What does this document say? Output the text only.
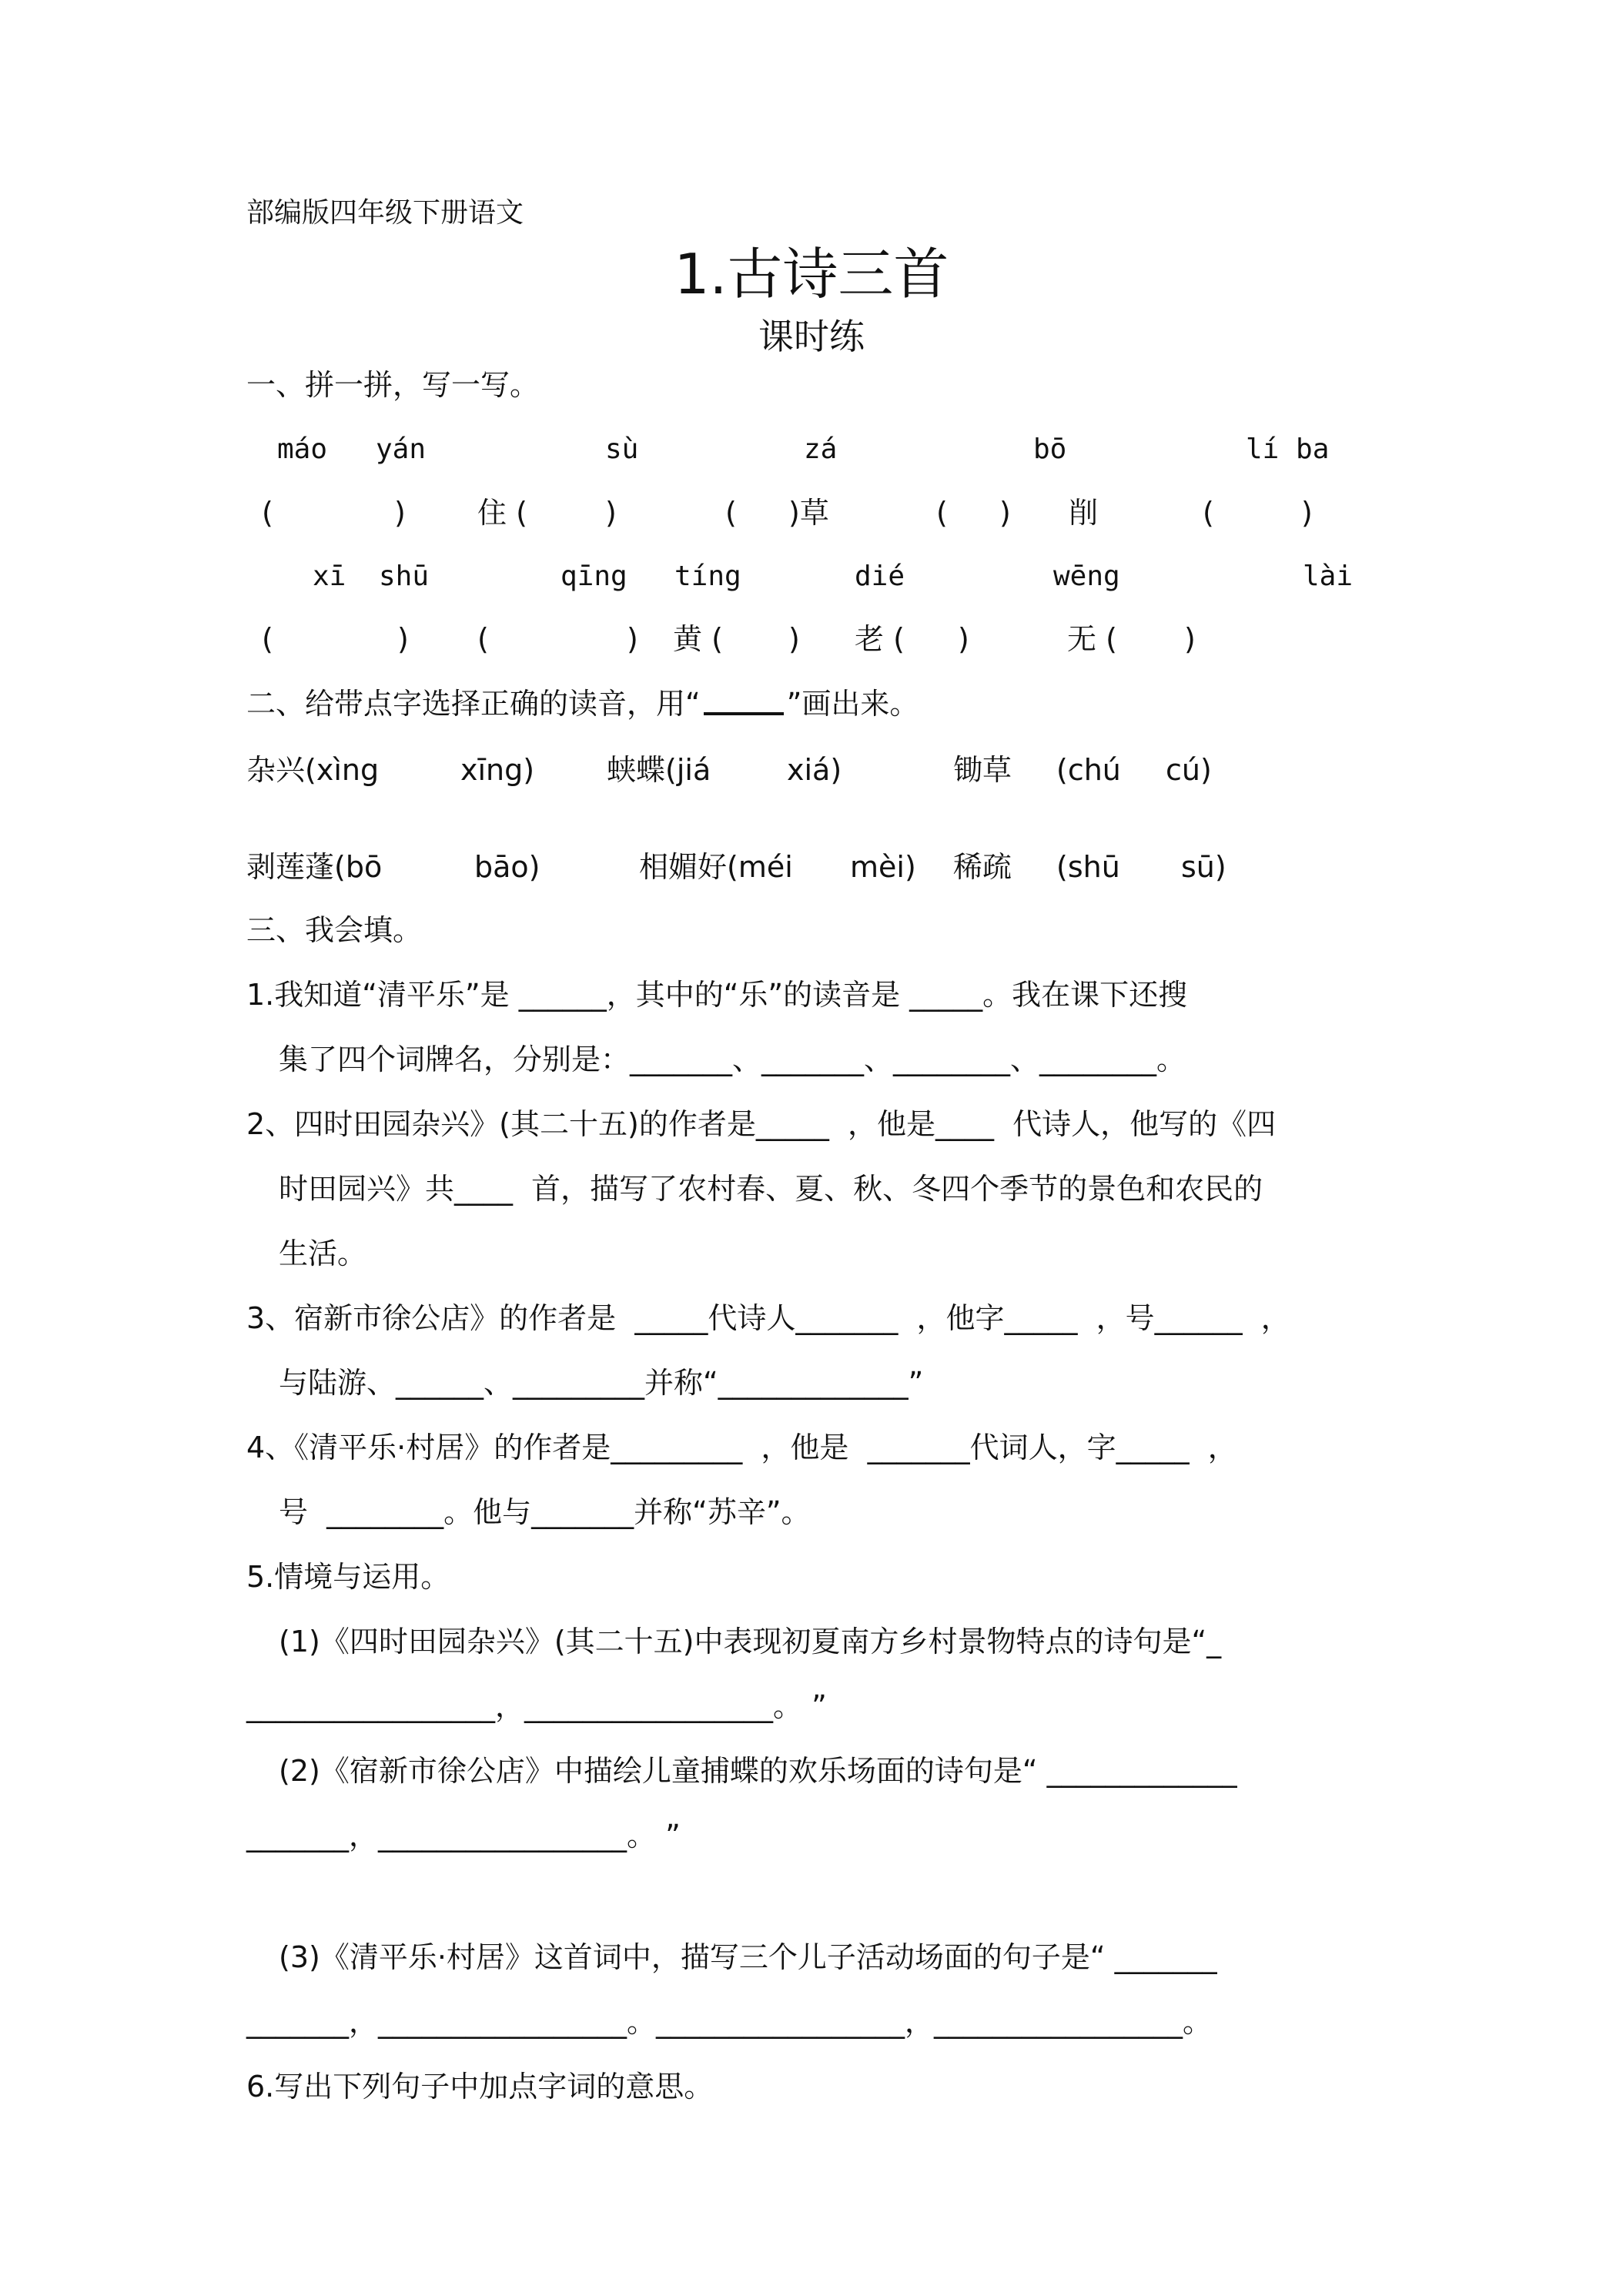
部编版四年级下册语文
1.古诗三首
课时练
一、拼一拼，写一写。
máo yán	sù	zá	bō	lí ba
(	) 住 (	)	( )草	( ) 削	(	)
xī shū	qīng tíng	dié	wēng	lài
(	) (	) 黄 ( ) 老 ( )	无 ( )
二、给带点字选择正确的读音，用“	”画出来。
杂兴(xìng	xīng) 蛱蝶(jiá	xiá)	锄草 (chú cú)
剥莲蓬(bō	bāo)	相媚好(méi mèi) 稀疏 (shū sū)
三、我会填。
1.我知道“清平乐”是 ______，其中的“乐”的读音是 _____。我在课下还搜
集了四个词牌名，分别是：_______、_______、________、________。
2、四时田园杂兴》(其二十五)的作者是_____  ，他是____  代诗人，他写的《四
时田园兴》共____  首，描写了农村春、夏、秋、冬四个季节的景色和农民的
生活。
3、宿新市徐公店》的作者是  _____代诗人_______  ，他字_____  ，号______  ，
与陆游、______、_________并称“_____________”
4、《清平乐·村居》的作者是_________  ，他是  _______代词人，字_____  ，
号  ________。他与_______并称“苏辛”。
5.情境与运用。
(1)《四时田园杂兴》(其二十五)中表现初夏南方乡村景物特点的诗句是“_
_________________，_________________。 ”
(2)《宿新市徐公店》中描绘儿童捕蝶的欢乐场面的诗句是“ _____________
_______，_________________。 ”
(3)《清平乐·村居》这首词中，描写三个儿子活动场面的句子是“ _______
_______，_________________。_________________，_________________。
6.写出下列句子中加点字词的意思。
